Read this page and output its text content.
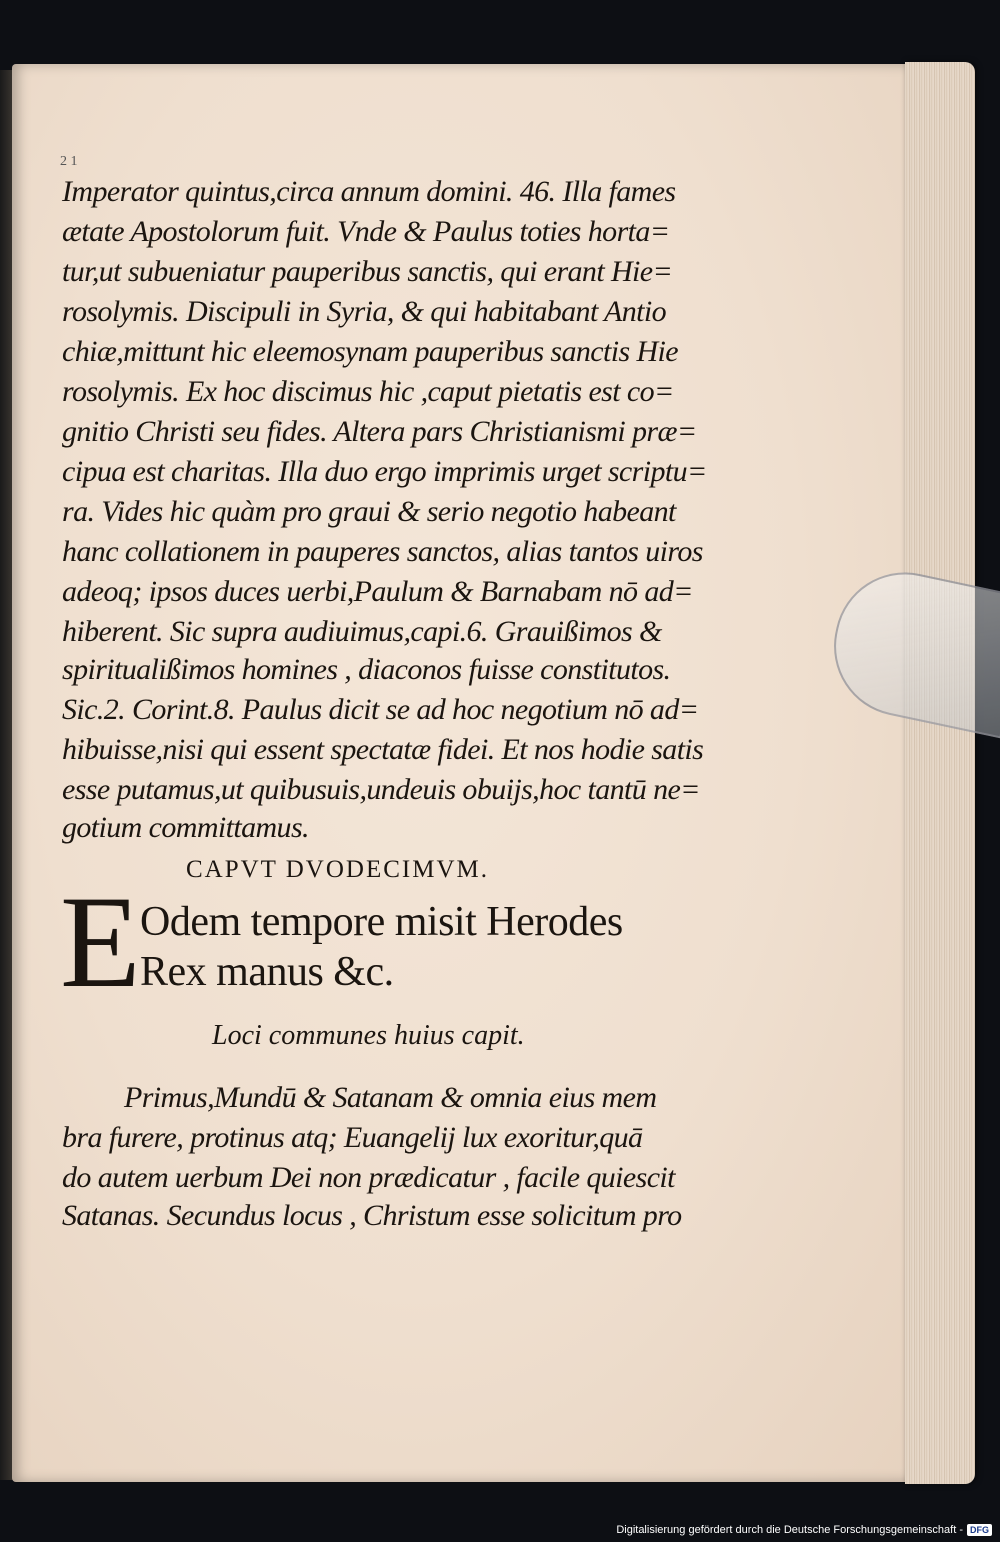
2 1
Imperator quintus,circa annum domini. 46. Illa fames
ætate Apostolorum fuit. Vnde & Paulus toties horta=
tur,ut subueniatur pauperibus sanctis, qui erant Hie=
rosolymis. Discipuli in Syria, & qui habitabant Antio
chiæ,mittunt hic eleemosynam pauperibus sanctis Hie
rosolymis. Ex hoc discimus hic ,caput pietatis est co=
gnitio Christi seu fides. Altera pars Christianismi præ=
cipua est charitas. Illa duo ergo imprimis urget scriptu=
ra. Vides hic quàm pro graui & serio negotio habeant
hanc collationem in pauperes sanctos, alias tantos uiros
adeoq; ipsos duces uerbi,Paulum & Barnabam nō ad=
hiberent. Sic supra audiuimus,capi.6. Grauißimos &
spiritualißimos homines , diaconos fuisse constitutos.
Sic.2. Corint.8. Paulus dicit se ad hoc negotium nō ad=
hibuisse,nisi qui essent spectatæ fidei. Et nos hodie satis
esse putamus,ut quibusuis,undeuis obuijs,hoc tantū ne=
gotium committamus.
CAPVT DVODECIMVM.
E Odem tempore misit Herodes
Rex manus &c.
Loci communes huius capit.
Primus,Mundū & Satanam & omnia eius mem
bra furere, protinus atq; Euangelij lux exoritur,quā
do autem uerbum Dei non prædicatur , facile quiescit
Satanas. Secundus locus , Christum esse solicitum pro
Digitalisierung gefördert durch die Deutsche Forschungsgemeinschaft - DFG
